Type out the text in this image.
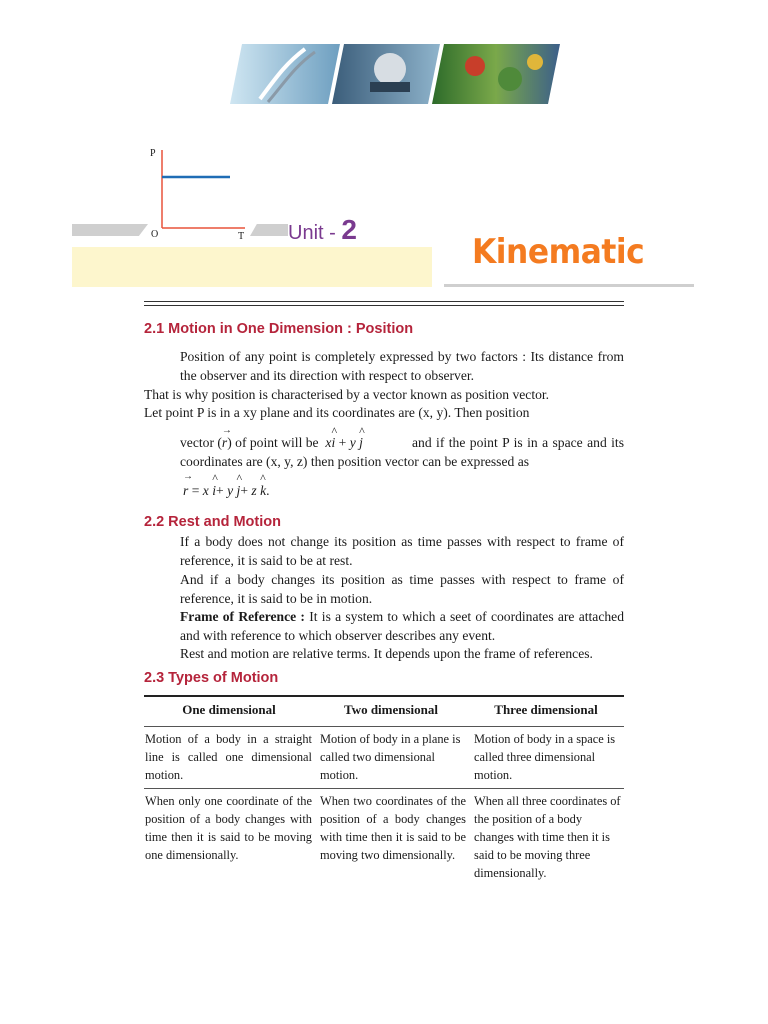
P
O	T Unit - 2
Kinematic
2.1 Motion in One Dimension : Position

Position of any point is completely expressed by two factors : Its distance from the observer and its direction with respect to observer.

That is why position is characterised by a vector known as position vector.

Let point P is in a xy plane and its coordinates are (x, y). Then position

vector (→ r) of point will be x^ i + y ^ j	and if the point P is in a space and its coordinates are (x, y, z) then position vector can be expressed as

→ r = x ^ i+ y ^ j+ z ^ k.
2.2 Rest and Motion

If a body does not change its position as time passes with respect to frame of reference, it is said to be at rest.

And if a body changes its position as time passes with respect to frame of reference, it is said to be in motion.

Frame of Reference : It is a system to which a seet of coordinates are attached and with reference to which observer describes any event.

Rest and motion are relative terms. It depends upon the frame of references.

2.3 Types of Motion
One dimensional	Two dimensional	Three dimensional
Motion of a body in a straight line is called one dimensional motion.	Motion of body in a plane is called two dimensional motion.	Motion of body in a space is called three dimensional motion.
When only one coordinate of the position of a body changes with time then it is said to be moving one dimensionally.	When two coordinates of the position of a body changes with time then it is said to be moving two dimensionally.	When all three coordinates of the position of a body changes with time then it is said to be moving three dimensionally.
